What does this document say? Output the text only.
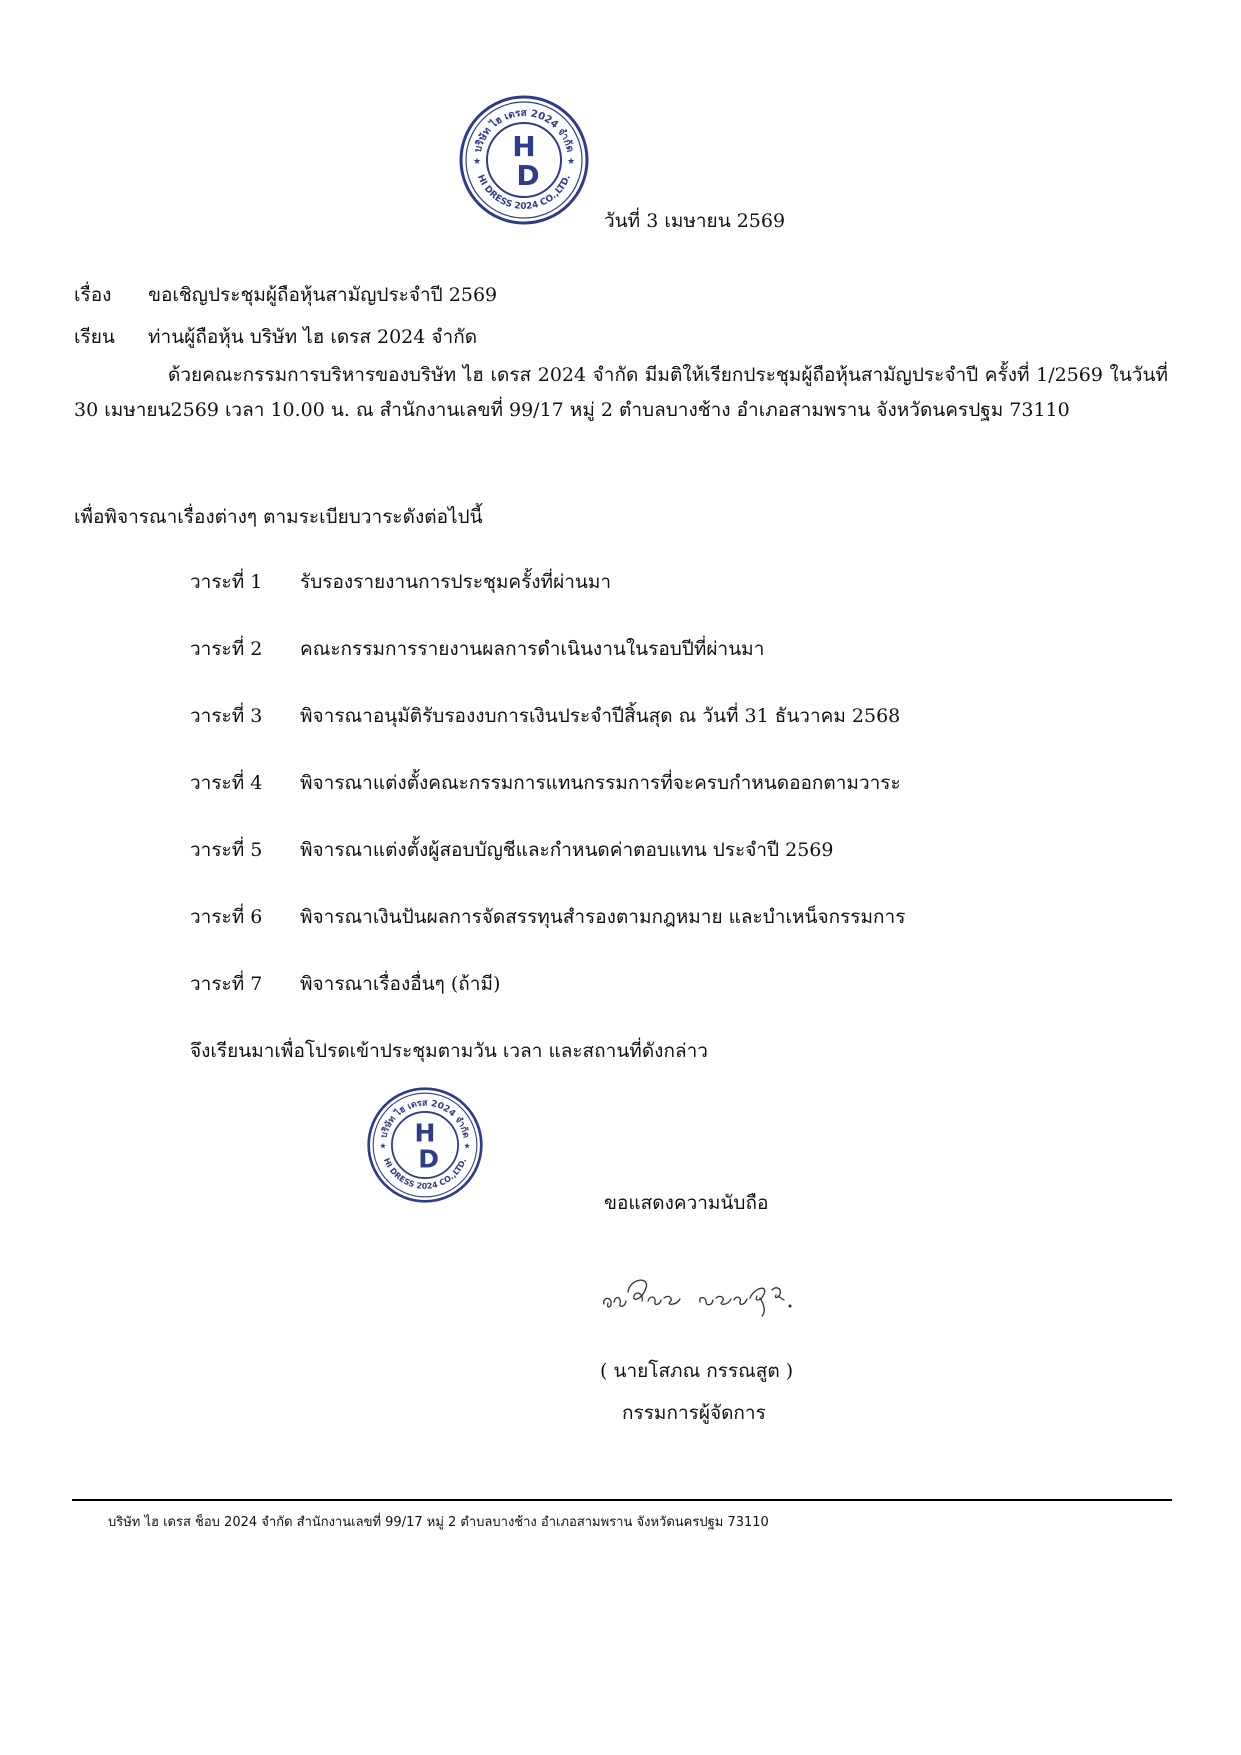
บริษัท ไฮ เดรส 2024 จำกัด
HI DRESS 2024 CO.,LTD.
★	★
H
D
วันที่ 3 เมษายน 2569
เรื่อง ขอเชิญประชุมผู้ถือหุ้นสามัญประจำปี 2569
เรียน ท่านผู้ถือหุ้น บริษัท ไฮ เดรส 2024 จำกัด
ด้วยคณะกรรมการบริหารของบริษัท ไฮ เดรส 2024 จำกัด มีมติให้เรียกประชุมผู้ถือหุ้นสามัญประจำปี ครั้งที่ 1/2569 ในวันที่ 30 เมษายน2569 เวลา 10.00 น. ณ สำนักงานเลขที่ 99/17 หมู่ 2 ตำบลบางช้าง อำเภอสามพราน จังหวัดนครปฐม 73110
เพื่อพิจารณาเรื่องต่างๆ ตามระเบียบวาระดังต่อไปนี้
วาระที่ 1 รับรองรายงานการประชุมครั้งที่ผ่านมา
วาระที่ 2 คณะกรรมการรายงานผลการดำเนินงานในรอบปีที่ผ่านมา
วาระที่ 3 พิจารณาอนุมัติรับรองงบการเงินประจำปีสิ้นสุด ณ วันที่ 31 ธันวาคม 2568
วาระที่ 4 พิจารณาแต่งตั้งคณะกรรมการแทนกรรมการที่จะครบกำหนดออกตามวาระ
วาระที่ 5 พิจารณาแต่งตั้งผู้สอบบัญชีและกำหนดค่าตอบแทน ประจำปี 2569
วาระที่ 6 พิจารณาเงินปันผลการจัดสรรทุนสำรองตามกฎหมาย และบำเหน็จกรรมการ
วาระที่ 7 พิจารณาเรื่องอื่นๆ (ถ้ามี)
จึงเรียนมาเพื่อโปรดเข้าประชุมตามวัน เวลา และสถานที่ดังกล่าว
บริษัท ไฮ เดรส 2024 จำกัด
HI DRESS 2024 CO.,LTD.
★	★
H
D
ขอแสดงความนับถือ
( นายโสภณ กรรณสูต )
กรรมการผู้จัดการ
บริษัท ไฮ เดรส ช็อบ 2024 จำกัด สำนักงานเลขที่ 99/17 หมู่ 2 ตำบลบางช้าง อำเภอสามพราน จังหวัดนครปฐม 73110
